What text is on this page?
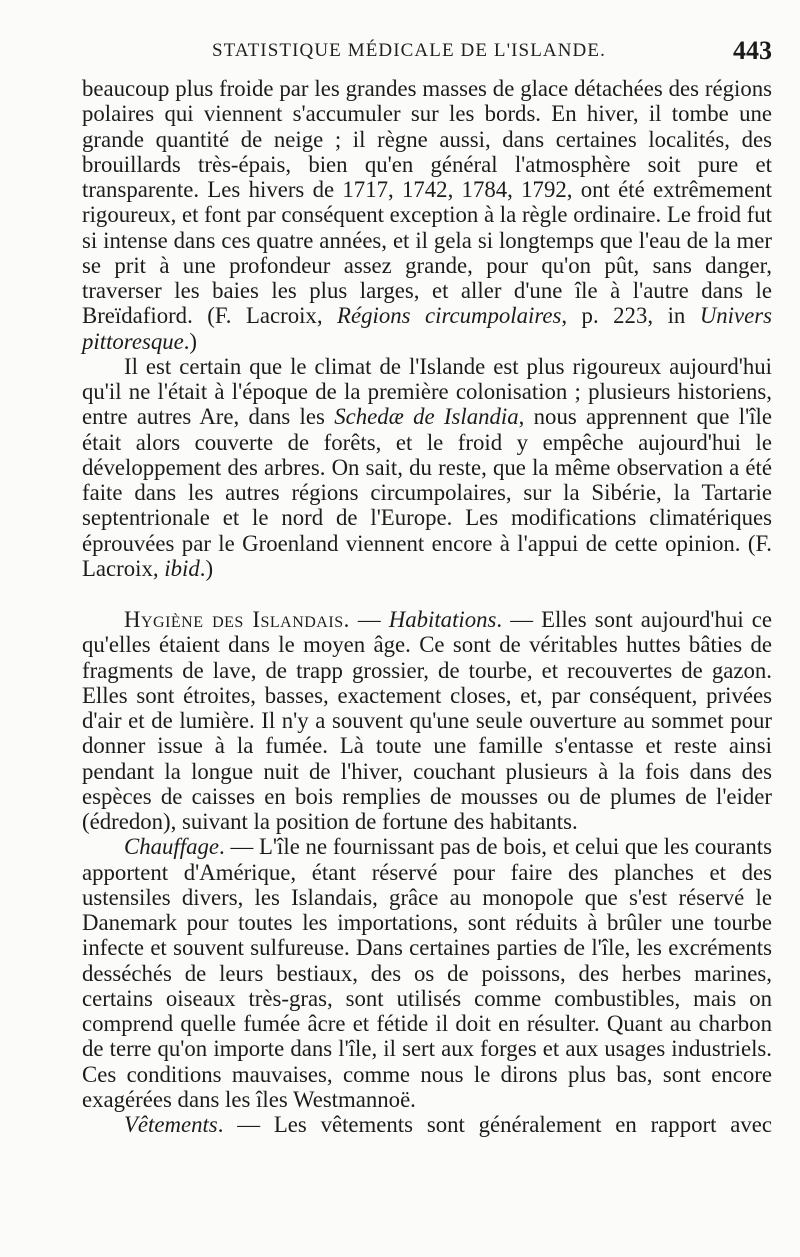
STATISTIQUE MÉDICALE DE L'ISLANDE.	443

beaucoup plus froide par les grandes masses de glace détachées des régions polaires qui viennent s'accumuler sur les bords. En hiver, il tombe une grande quantité de neige ; il règne aussi, dans certaines localités, des brouillards très-épais, bien qu'en général l'atmosphère soit pure et transparente. Les hivers de 1717, 1742, 1784, 1792, ont été extrêmement rigoureux, et font par conséquent exception à la règle ordinaire. Le froid fut si intense dans ces quatre années, et il gela si longtemps que l'eau de la mer se prit à une profondeur assez grande, pour qu'on pût, sans danger, traverser les baies les plus larges, et aller d'une île à l'autre dans le Breïdafiord. (F. Lacroix, Régions circumpolaires, p. 223, in Univers pittoresque.)

Il est certain que le climat de l'Islande est plus rigoureux aujourd'hui qu'il ne l'était à l'époque de la première colonisation ; plusieurs historiens, entre autres Are, dans les Schedæ de Islandia, nous apprennent que l'île était alors couverte de forêts, et le froid y empêche aujourd'hui le développement des arbres. On sait, du reste, que la même observation a été faite dans les autres régions circumpolaires, sur la Sibérie, la Tartarie septentrionale et le nord de l'Europe. Les modifications climatériques éprouvées par le Groenland viennent encore à l'appui de cette opinion. (F. Lacroix, ibid.)

Hygiène des Islandais. — Habitations. — Elles sont aujourd'hui ce qu'elles étaient dans le moyen âge. Ce sont de véritables huttes bâties de fragments de lave, de trapp grossier, de tourbe, et recouvertes de gazon. Elles sont étroites, basses, exactement closes, et, par conséquent, privées d'air et de lumière. Il n'y a souvent qu'une seule ouverture au sommet pour donner issue à la fumée. Là toute une famille s'entasse et reste ainsi pendant la longue nuit de l'hiver, couchant plusieurs à la fois dans des espèces de caisses en bois remplies de mousses ou de plumes de l'eider (édredon), suivant la position de fortune des habitants.

Chauffage. — L'île ne fournissant pas de bois, et celui que les courants apportent d'Amérique, étant réservé pour faire des planches et des ustensiles divers, les Islandais, grâce au monopole que s'est réservé le Danemark pour toutes les importations, sont réduits à brûler une tourbe infecte et souvent sulfureuse. Dans certaines parties de l'île, les excréments desséchés de leurs bestiaux, des os de poissons, des herbes marines, certains oiseaux très-gras, sont utilisés comme combustibles, mais on comprend quelle fumée âcre et fétide il doit en résulter. Quant au charbon de terre qu'on importe dans l'île, il sert aux forges et aux usages industriels. Ces conditions mauvaises, comme nous le dirons plus bas, sont encore exagérées dans les îles Westmannoë.

Vêtements. — Les vêtements sont généralement en rapport avec
